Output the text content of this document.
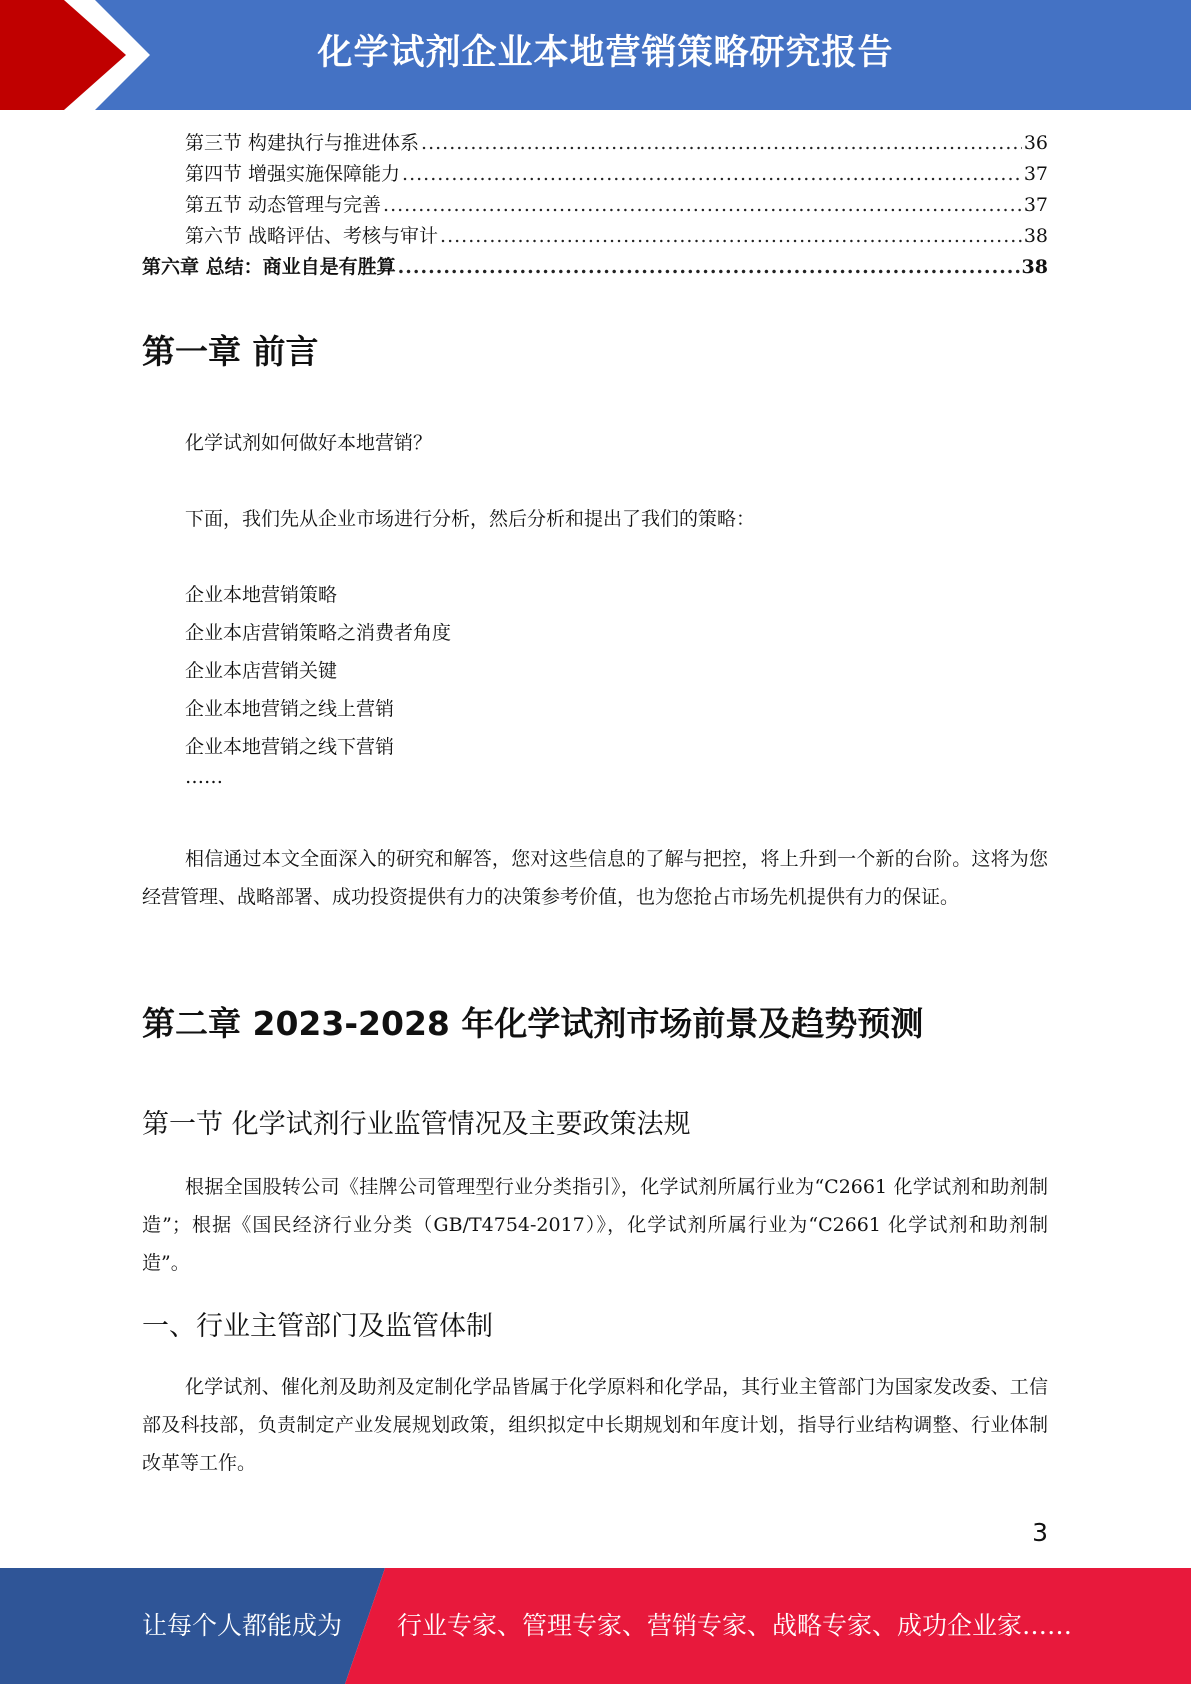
化学试剂企业本地营销策略研究报告
第三节 构建执行与推进体系 .....	36
第四节 增强实施保障能力 .....	37
第五节 动态管理与完善 .....	37
第六节 战略评估、考核与审计 .....	38
第六章 总结：商业自是有胜算 .....	38
第一章 前言
化学试剂如何做好本地营销？
下面，我们先从企业市场进行分析，然后分析和提出了我们的策略：
企业本地营销策略
企业本店营销策略之消费者角度
企业本店营销关键
企业本地营销之线上营销
企业本地营销之线下营销
……
相信通过本文全面深入的研究和解答，您对这些信息的了解与把控，将上升到一个新的台阶。这将为您经营管理、战略部署、成功投资提供有力的决策参考价值，也为您抢占市场先机提供有力的保证。
第二章 2023-2028 年化学试剂市场前景及趋势预测
第一节 化学试剂行业监管情况及主要政策法规
根据全国股转公司《挂牌公司管理型行业分类指引》，化学试剂所属行业为“C2661 化学试剂和助剂制造”；根据《国民经济行业分类（GB/T4754-2017）》，化学试剂所属行业为“C2661 化学试剂和助剂制造”。
一、行业主管部门及监管体制
化学试剂、催化剂及助剂及定制化学品皆属于化学原料和化学品，其行业主管部门为国家发改委、工信部及科技部，负责制定产业发展规划政策，组织拟定中长期规划和年度计划，指导行业结构调整、行业体制改革等工作。
3
让每个人都能成为 行业专家、管理专家、营销专家、战略专家、成功企业家……
